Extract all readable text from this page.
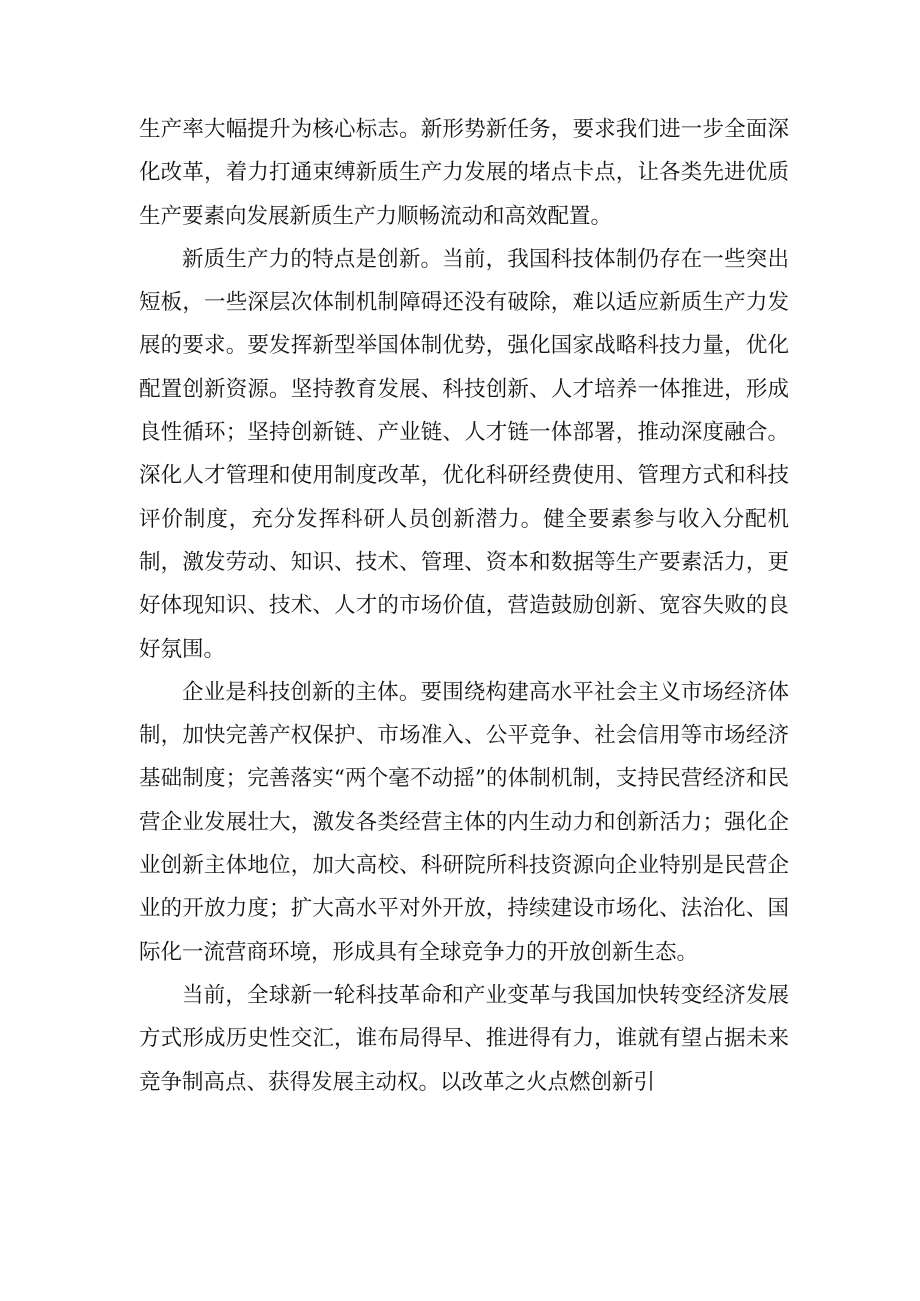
生产率大幅提升为核心标志。新形势新任务，要求我们进一步全面深化改革，着力打通束缚新质生产力发展的堵点卡点，让各类先进优质生产要素向发展新质生产力顺畅流动和高效配置。

新质生产力的特点是创新。当前，我国科技体制仍存在一些突出短板，一些深层次体制机制障碍还没有破除，难以适应新质生产力发展的要求。要发挥新型举国体制优势，强化国家战略科技力量，优化配置创新资源。坚持教育发展、科技创新、人才培养一体推进，形成良性循环；坚持创新链、产业链、人才链一体部署，推动深度融合。深化人才管理和使用制度改革，优化科研经费使用、管理方式和科技评价制度，充分发挥科研人员创新潜力。健全要素参与收入分配机制，激发劳动、知识、技术、管理、资本和数据等生产要素活力，更好体现知识、技术、人才的市场价值，营造鼓励创新、宽容失败的良好氛围。

企业是科技创新的主体。要围绕构建高水平社会主义市场经济体制，加快完善产权保护、市场准入、公平竞争、社会信用等市场经济基础制度；完善落实“两个毫不动摇”的体制机制，支持民营经济和民营企业发展壮大，激发各类经营主体的内生动力和创新活力；强化企业创新主体地位，加大高校、科研院所科技资源向企业特别是民营企业的开放力度；扩大高水平对外开放，持续建设市场化、法治化、国际化一流营商环境，形成具有全球竞争力的开放创新生态。

当前，全球新一轮科技革命和产业变革与我国加快转变经济发展方式形成历史性交汇，谁布局得早、推进得有力，谁就有望占据未来竞争制高点、获得发展主动权。以改革之火点燃创新引
